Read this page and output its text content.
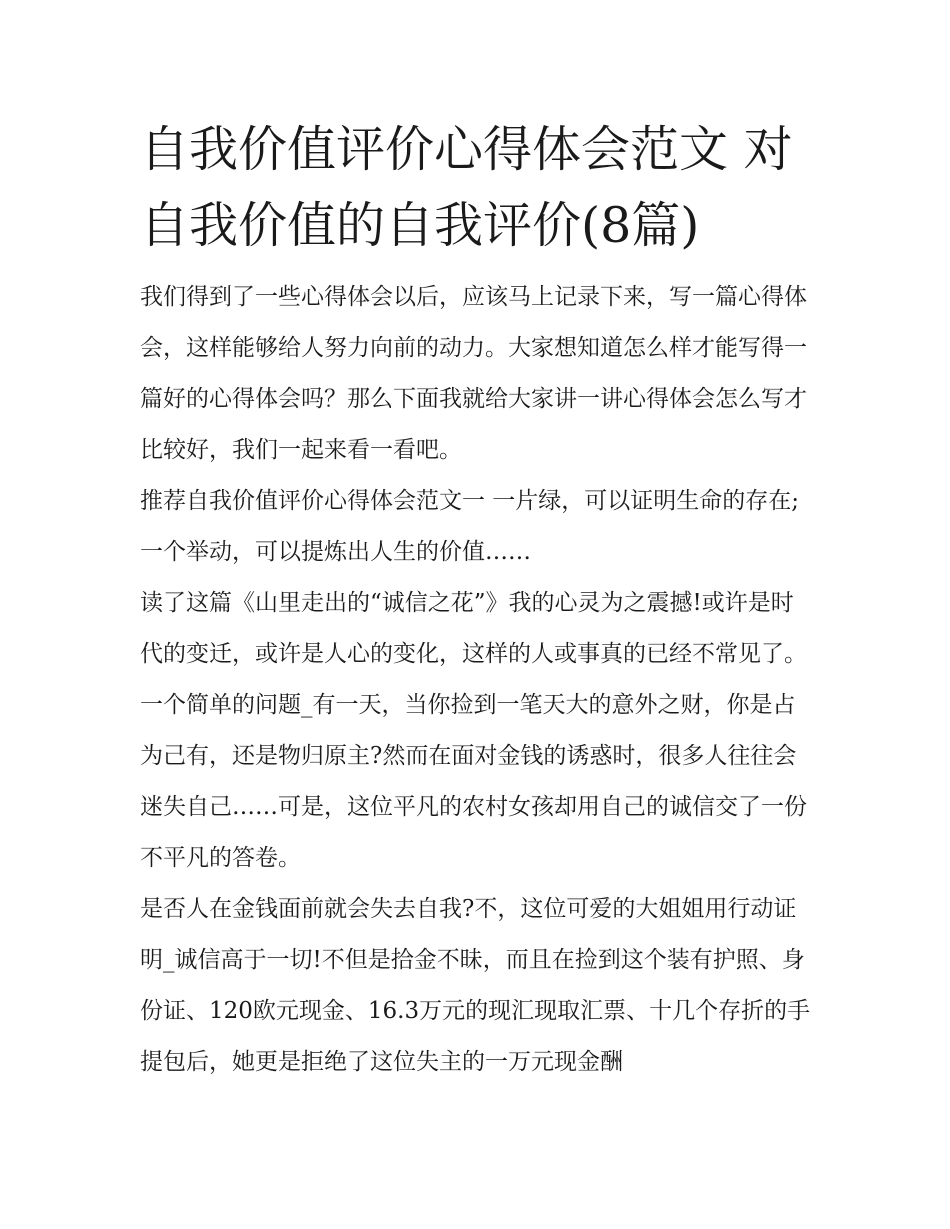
自我价值评价心得体会范文 对自我价值的自我评价(8篇)

我们得到了一些心得体会以后，应该马上记录下来，写一篇心得体会，这样能够给人努力向前的动力。大家想知道怎么样才能写得一篇好的心得体会吗？那么下面我就给大家讲一讲心得体会怎么写才比较好，我们一起来看一看吧。

推荐自我价值评价心得体会范文一 一片绿，可以证明生命的存在; 一个举动，可以提炼出人生的价值……

读了这篇《山里走出的“诚信之花”》我的心灵为之震撼!或许是时代的变迁，或许是人心的变化，这样的人或事真的已经不常见了。一个简单的问题_有一天，当你捡到一笔天大的意外之财，你是占为己有，还是物归原主?然而在面对金钱的诱惑时，很多人往往会迷失自己……可是，这位平凡的农村女孩却用自己的诚信交了一份不平凡的答卷。

是否人在金钱面前就会失去自我?不，这位可爱的大姐姐用行动证明_诚信高于一切!不但是拾金不昧，而且在捡到这个装有护照、身份证、120欧元现金、16.3万元的现汇现取汇票、十几个存折的手提包后，她更是拒绝了这位失主的一万元现金酬
